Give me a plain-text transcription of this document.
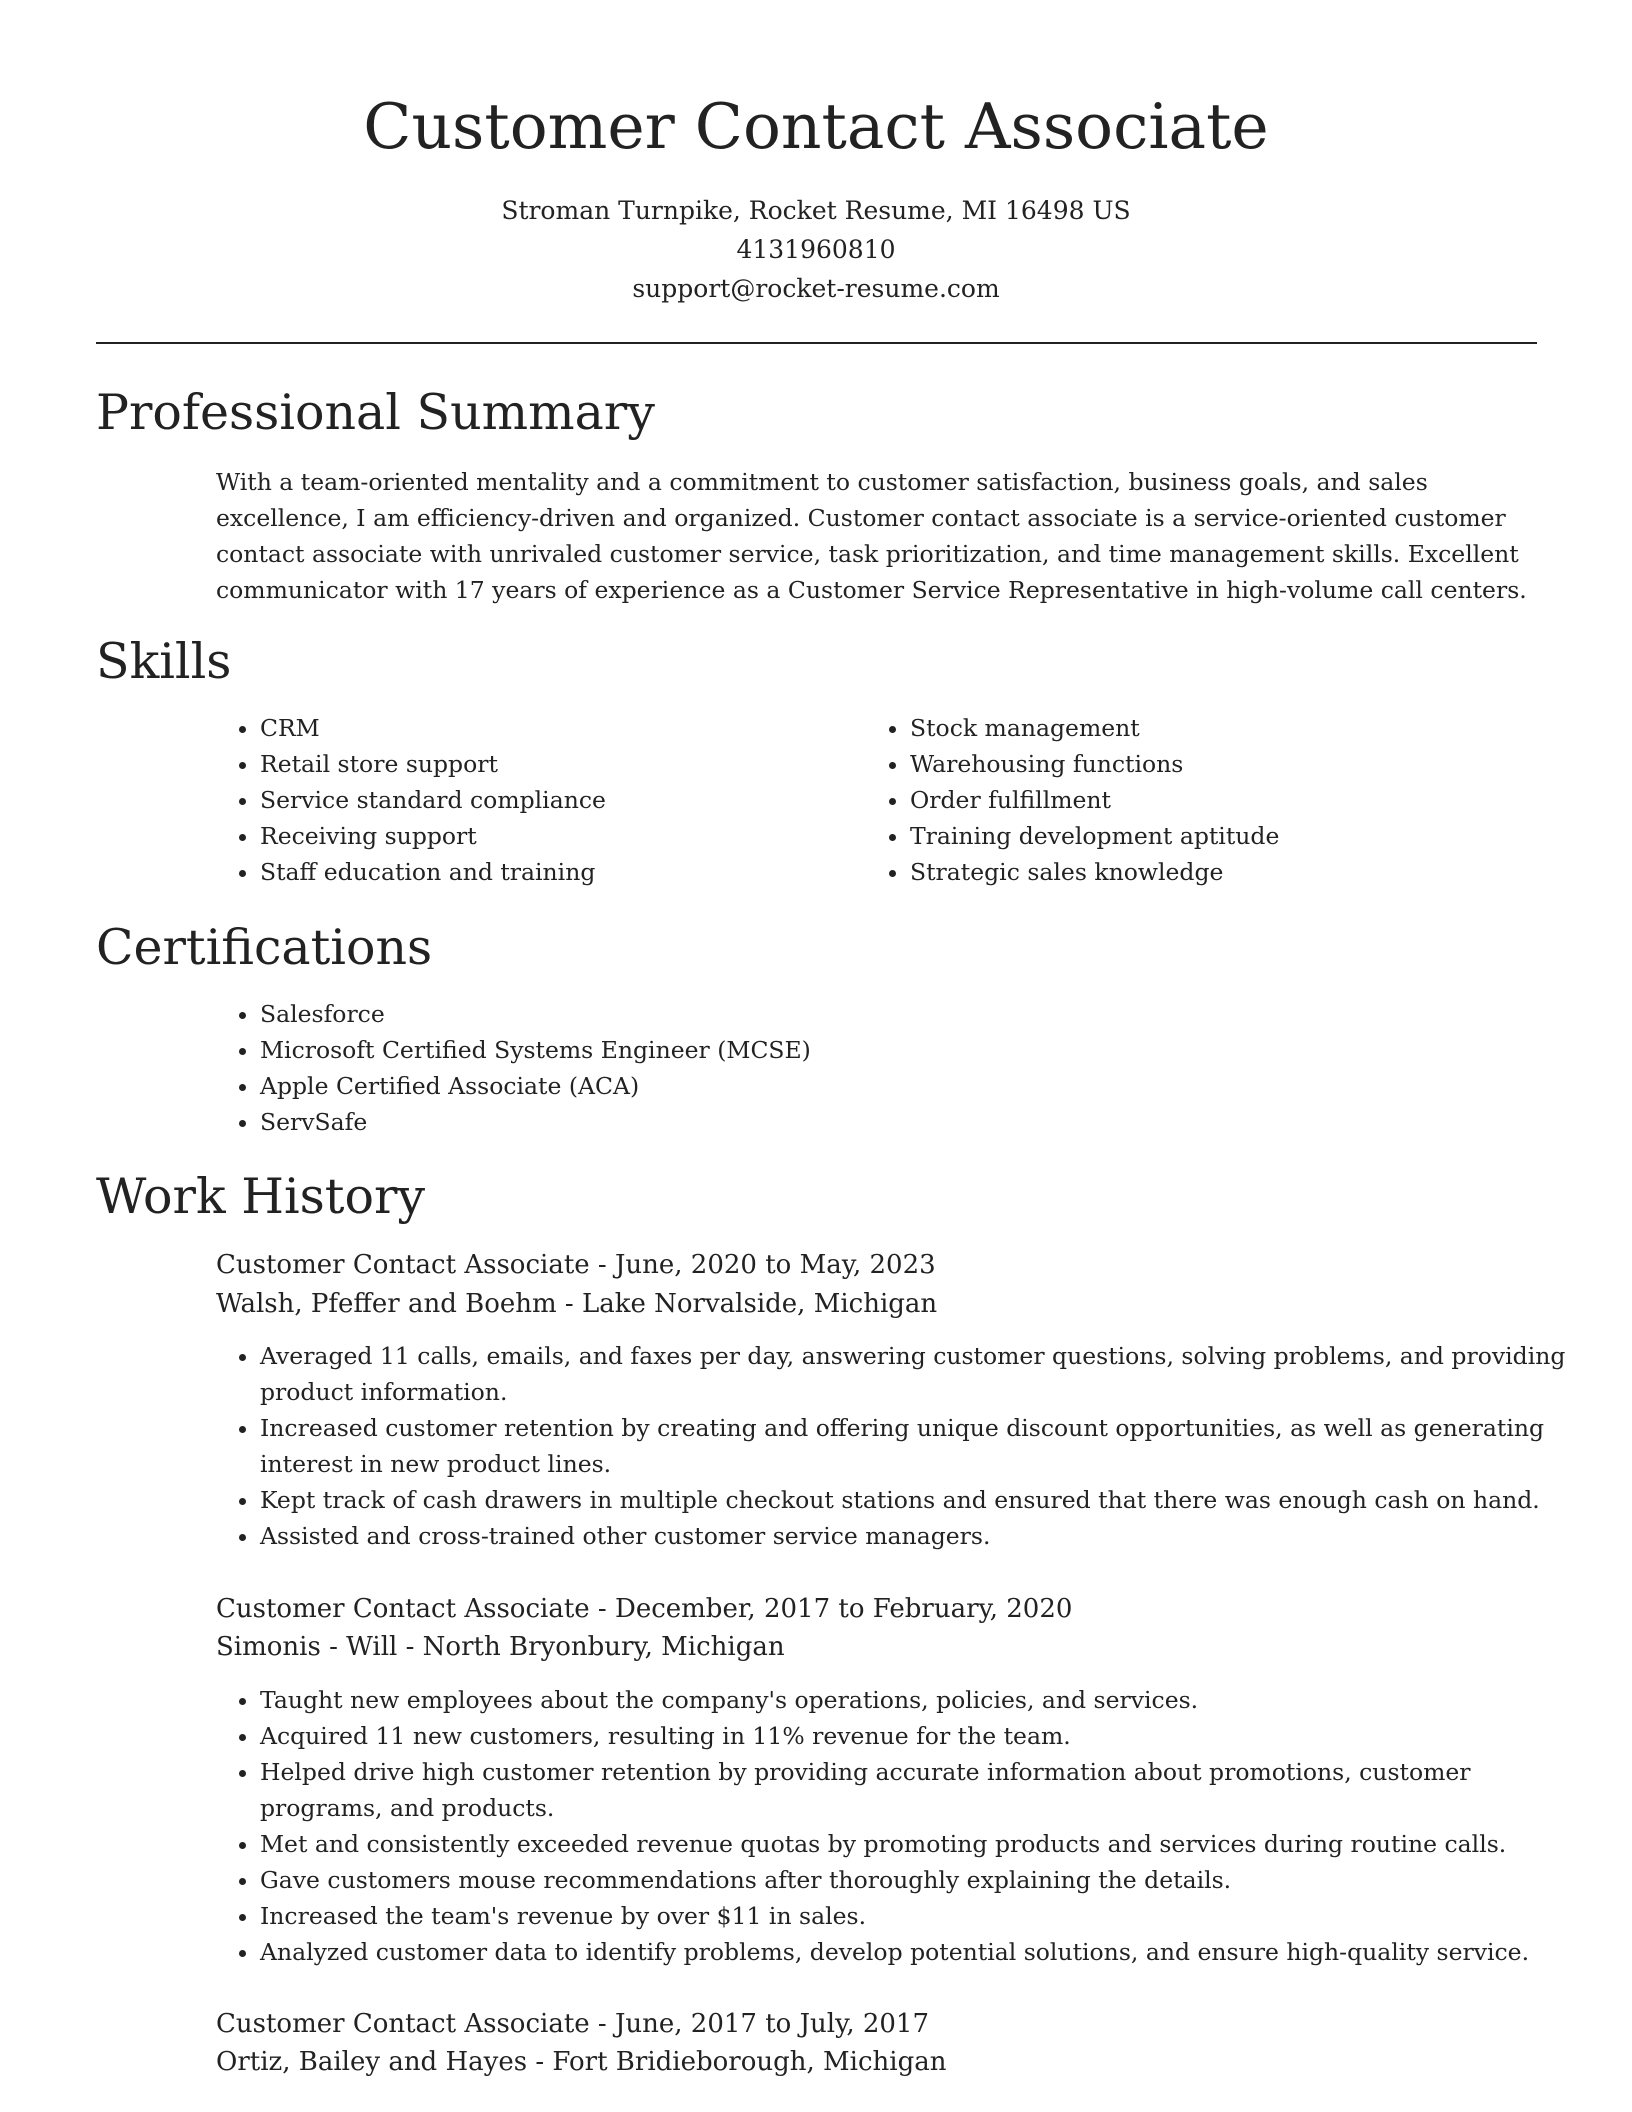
Customer Contact Associate
Stroman Turnpike, Rocket Resume, MI 16498 US
4131960810
support@rocket-resume.com
Professional Summary

With a team-oriented mentality and a commitment to customer satisfaction, business goals, and sales excellence, I am efficiency-driven and organized. Customer contact associate is a service-oriented customer contact associate with unrivaled customer service, task prioritization, and time management skills. Excellent communicator with 17 years of experience as a Customer Service Representative in high-volume call centers.

Skills
• CRM
• Retail store support
• Service standard compliance
• Receiving support
• Staff education and training
• Stock management
• Warehousing functions
• Order fulfillment
• Training development aptitude
• Strategic sales knowledge
Certifications
• Salesforce
• Microsoft Certified Systems Engineer (MCSE)
• Apple Certified Associate (ACA)
• ServSafe
Work History
Customer Contact Associate - June, 2020 to May, 2023
Walsh, Pfeffer and Boehm - Lake Norvalside, Michigan
• Averaged 11 calls, emails, and faxes per day, answering customer questions, solving problems, and providing product information.
• Increased customer retention by creating and offering unique discount opportunities, as well as generating interest in new product lines.
• Kept track of cash drawers in multiple checkout stations and ensured that there was enough cash on hand.
• Assisted and cross-trained other customer service managers.
Customer Contact Associate - December, 2017 to February, 2020
Simonis - Will - North Bryonbury, Michigan
• Taught new employees about the company's operations, policies, and services.
• Acquired 11 new customers, resulting in 11% revenue for the team.
• Helped drive high customer retention by providing accurate information about promotions, customer programs, and products.
• Met and consistently exceeded revenue quotas by promoting products and services during routine calls.
• Gave customers mouse recommendations after thoroughly explaining the details.
• Increased the team's revenue by over $11 in sales.
• Analyzed customer data to identify problems, develop potential solutions, and ensure high-quality service.
Customer Contact Associate - June, 2017 to July, 2017
Ortiz, Bailey and Hayes - Fort Bridieborough, Michigan
